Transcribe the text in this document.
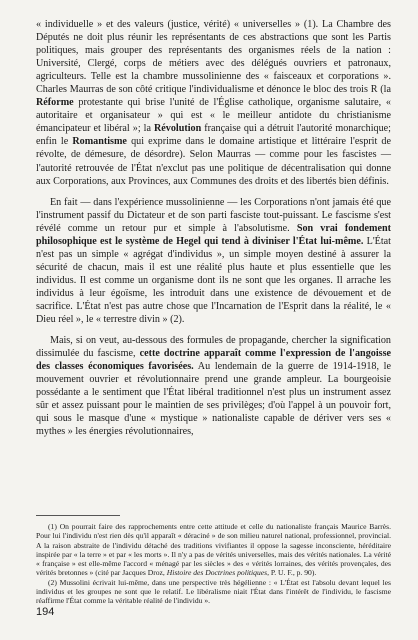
« individuelle » et des valeurs (justice, vérité) « universelles » (1). La Chambre des Députés ne doit plus réunir les représentants de ces abstractions que sont les Partis politiques, mais grouper des représentants des organismes réels de la nation : Université, Clergé, corps de métiers avec des délégués ouvriers et patronaux, agriculteurs. Telle est la chambre mussolinienne des « faisceaux et corporations ». Charles Maurras de son côté critique l'individualisme et dénonce le bloc des trois R (la Réforme protestante qui brise l'unité de l'Église catholique, organisme salutaire, « autoritaire et organisateur » qui est « le meilleur antidote du christianisme émancipateur et libéral »; la Révolution française qui a détruit l'autorité monarchique; enfin le Romantisme qui exprime dans le domaine artistique et littéraire l'esprit de révolte, de démesure, de désordre). Selon Maurras — comme pour les fascistes — l'autorité retrouvée de l'État n'exclut pas une politique de décentralisation qui donne aux Corporations, aux Provinces, aux Communes des droits et des libertés bien définis.

En fait — dans l'expérience mussolinienne — les Corporations n'ont jamais été que l'instrument passif du Dictateur et de son parti fasciste tout-puissant. Le fascisme s'est révélé comme un retour pur et simple à l'absolutisme. Son vrai fondement philosophique est le système de Hegel qui tend à diviniser l'État lui-même. L'État n'est pas un simple « agrégat d'individus », un simple moyen destiné à assurer la sécurité de chacun, mais il est une réalité plus haute et plus essentielle que les individus. Il est comme un organisme dont ils ne sont que les organes. Il arrache les individus à leur égoïsme, les introduit dans une existence de dévouement et de sacrifice. L'État n'est pas autre chose que l'Incarnation de l'Esprit dans la réalité, le « Dieu réel », le « terrestre divin » (2).

Mais, si on veut, au-dessous des formules de propagande, chercher la signification dissimulée du fascisme, cette doctrine apparaît comme l'expression de l'angoisse des classes économiques favorisées. Au lendemain de la guerre de 1914-1918, le mouvement ouvrier et révolutionnaire prend une grande ampleur. La bourgeoisie possédante a le sentiment que l'État libéral traditionnel n'est plus un instrument assez sûr et assez puissant pour le maintien de ses privilèges; d'où l'appel à un pouvoir fort, qui sous le masque d'une « mystique » nationaliste capable de dériver vers ses « mythes » les énergies révolutionnaires,

(1) On pourrait faire des rapprochements entre cette attitude et celle du nationaliste français Maurice Barrès. Pour lui l'individu n'est rien dès qu'il apparaît « déraciné » de son milieu naturel national, professionnel, provincial. A la raison abstraite de l'individu détaché des traditions vivifiantes il oppose la sagesse inconsciente, héréditaire inspirée par « la terre » et par « les morts ». Il n'y a pas de vérités universelles, mais des vérités nationales. La vérité « française » est elle-même l'accord « ménagé par les siècles » des « vérités lorraines, des vérités provençales, des vérités bretonnes » (cité par Jacques Droz, Histoire des Doctrines politiques, P. U. F., p. 90).

(2) Mussolini écrivait lui-même, dans une perspective très hégélienne : « L'État est l'absolu devant lequel les individus et les groupes ne sont que le relatif. Le libéralisme niait l'État dans l'intérêt de l'individu, le fascisme réaffirme l'État comme la véritable réalité de l'individu ».

194
